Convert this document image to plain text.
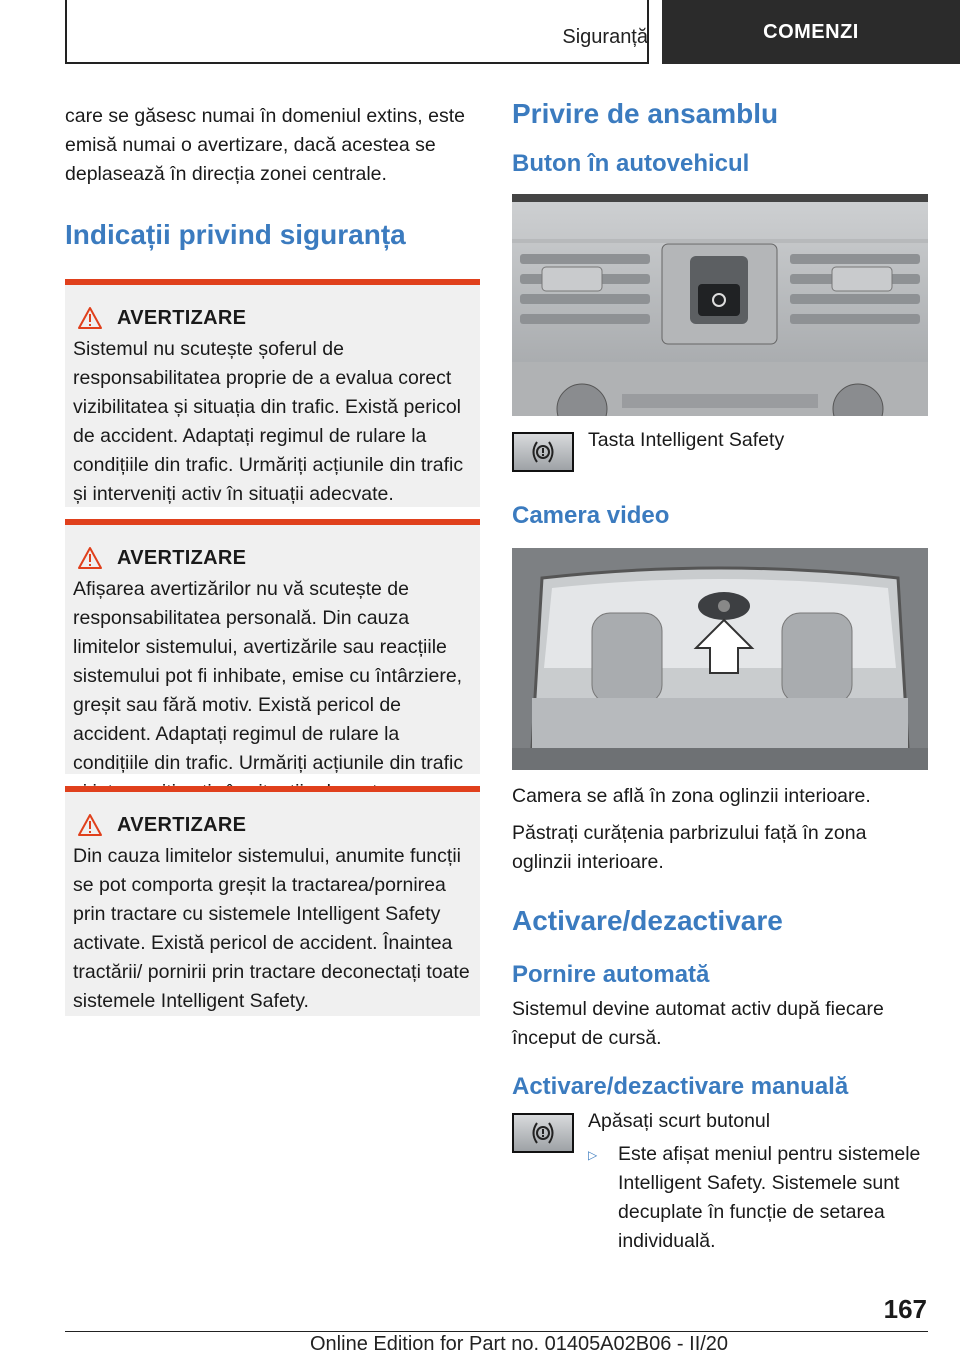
Siguranță	COMENZI

care se găsesc numai în domeniul extins, este emisă numai o avertizare, dacă acestea se deplasează în direcția zonei centrale.

Indicații privind siguranța
AVERTIZARE

Sistemul nu scutește șoferul de responsabilitatea proprie de a evalua corect vizibilitatea și situația din trafic. Există pericol de accident. Adaptați regimul de rulare la condițiile din trafic. Urmăriți acțiunile din trafic și interveniți activ în situații adecvate.

AVERTIZARE

Afișarea avertizărilor nu vă scutește de responsabilitatea personală. Din cauza limitelor sistemului, avertizările sau reacțiile sistemului pot fi inhibate, emise cu întârziere, greșit sau fără motiv. Există pericol de accident. Adaptați regimul de rulare la condițiile din trafic. Urmăriți acțiunile din trafic

AVERTIZARE

Din cauza limitelor sistemului, anumite funcții se pot comporta greșit la tractarea/pornirea prin tractare cu sistemele Intelligent Safety activate. Există pericol de accident. Înaintea tractării/ pornirii prin tractare deconectați toate sistemele Intelligent Safety.

Privire de ansamblu
Buton în autovehicul

Tasta Intelligent Safety

Camera video

Camera se află în zona oglinzii interioare.

Păstrați curățenia parbrizului față în zona oglinzii interioare.

Activare/dezactivare
Pornire automată

Sistemul devine automat activ după fiecare început de cursă.

Activare/dezactivare manuală

Apăsați scurt butonul

▷	Este afișat meniul pentru sistemele Intelligent Safety. Sistemele sunt decuplate în funcție de setarea individuală.

167
Online Edition for Part no. 01405A02B06 - II/20
